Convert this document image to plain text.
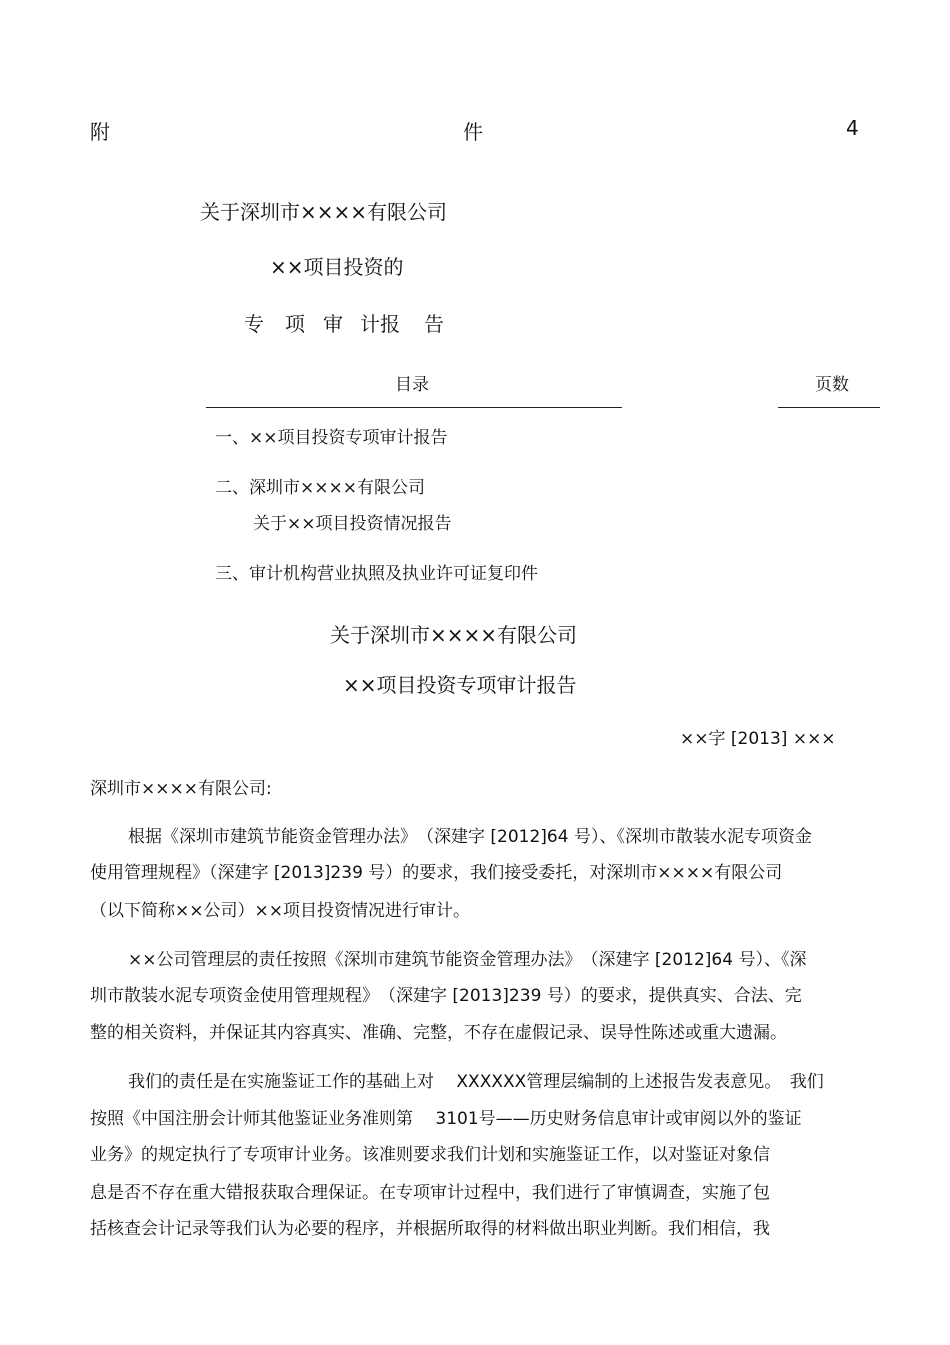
附	件	4
关于深圳市××××有限公司
××项目投资的
专 项 审 计报 告
目录	页数
一、××项目投资专项审计报告
二、深圳市××××有限公司
关于××项目投资情况报告
三、审计机构营业执照及执业许可证复印件
关于深圳市××××有限公司
××项目投资专项审计报告
××字 [2013] ×××
深圳市××××有限公司:
根据《深圳市建筑节能资金管理办法》　（深建字 [2012]64 号）、《深圳市散装水泥专项资金
使用管理规程》（深建字 [2013]239 号）的要求，我们接受委托，对深圳市××××有限公司
（以下简称××公司）××项目投资情况进行审计。
××公司管理层的责任按照《深圳市建筑节能资金管理办法》　（深建字 [2012]64 号）、《深
圳市散装水泥专项资金使用管理规程》　（深建字 [2013]239 号）的要求，提供真实、合法、完
整的相关资料，并保证其内容真实、准确、完整，不存在虚假记录、误导性陈述或重大遗漏。
我们的责任是在实施鉴证工作的基础上对　 XXXXXX管理层编制的上述报告发表意见。　我们
按照《中国注册会计师其他鉴证业务准则第　 3101号——历史财务信息审计或审阅以外的鉴证
业务》的规定执行了专项审计业务。该准则要求我们计划和实施鉴证工作，以对鉴证对象信
息是否不存在重大错报获取合理保证。在专项审计过程中，我们进行了审慎调查，实施了包
括核查会计记录等我们认为必要的程序，并根据所取得的材料做出职业判断。我们相信，我
